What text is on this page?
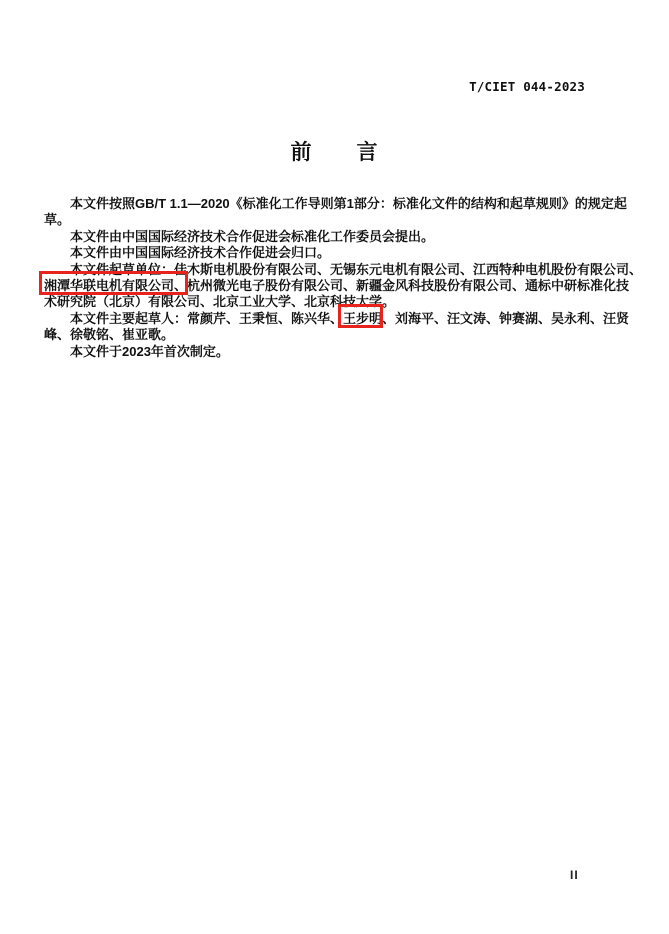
T/CIET 044-2023
前　　言
本文件按照GB/T 1.1—2020《标准化工作导则第1部分：标准化文件的结构和起草规则》的规定起
草。
本文件由中国国际经济技术合作促进会标准化工作委员会提出。
本文件由中国国际经济技术合作促进会归口。
本文件起草单位：佳木斯电机股份有限公司、无锡东元电机有限公司、江西特种电机股份有限公司、
湘潭华联电机有限公司、杭州微光电子股份有限公司、新疆金风科技股份有限公司、通标中研标准化技
术研究院（北京）有限公司、北京工业大学、北京科技大学。
本文件主要起草人：常颜芹、王秉恒、陈兴华、王步明、刘海平、汪文涛、钟赛湖、吴永利、汪贤
峰、徐敬铭、崔亚歌。
本文件于2023年首次制定。
II
